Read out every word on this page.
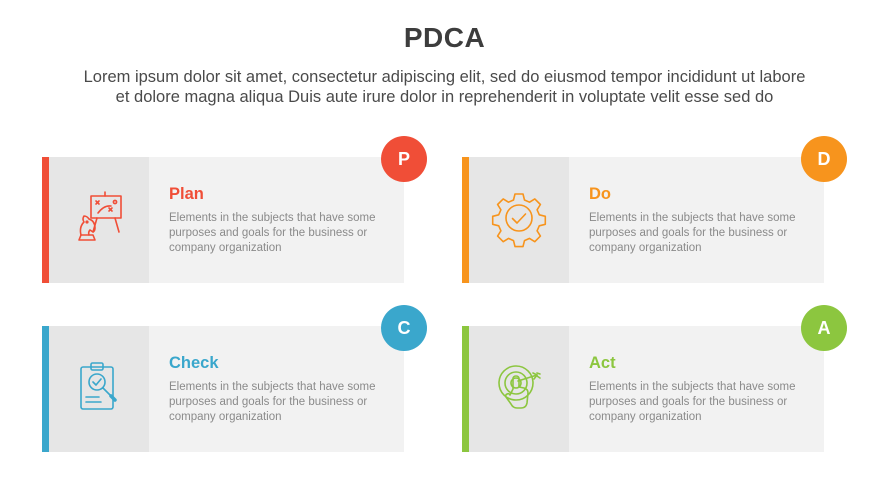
PDCA
Lorem ipsum dolor sit amet, consectetur adipiscing elit, sed do eiusmod tempor incididunt ut labore
et dolore magna aliqua Duis aute irure dolor in reprehenderit in voluptate velit esse sed do
Plan
Elements in the subjects that have some
purposes and goals for the business or
company organization
P
Do
Elements in the subjects that have some
purposes and goals for the business or
company organization
D
Check
Elements in the subjects that have some
purposes and goals for the business or
company organization
C
Act
Elements in the subjects that have some
purposes and goals for the business or
company organization
A
